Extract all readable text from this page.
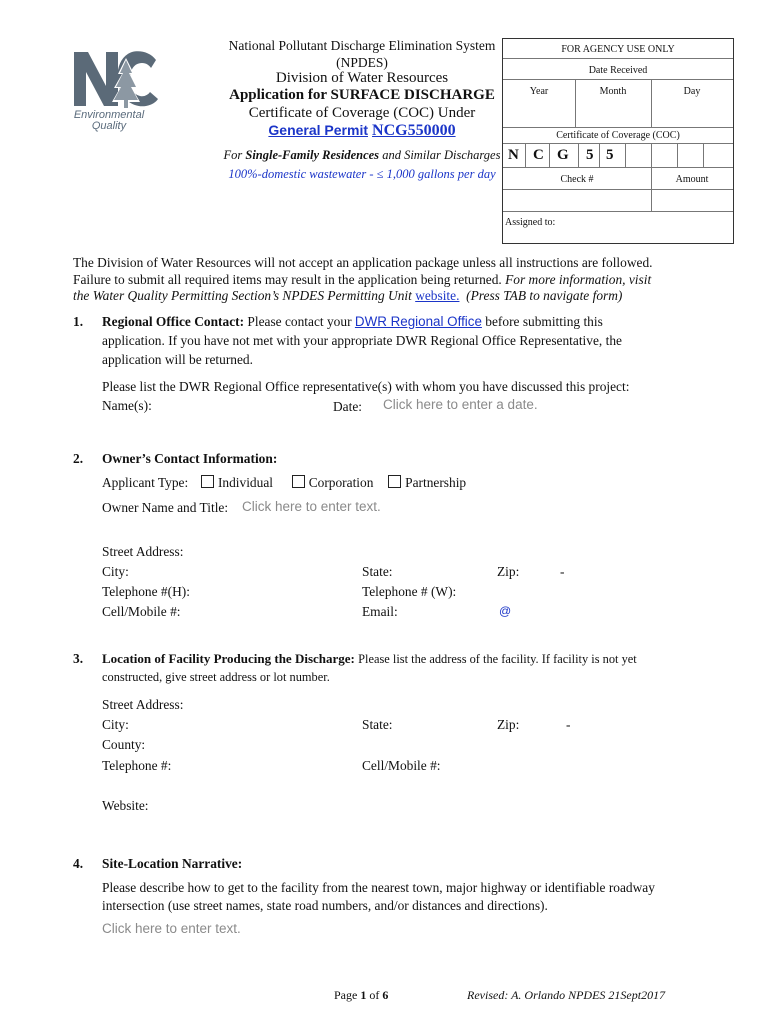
Environmental
Quality
National Pollutant Discharge Elimination System
(NPDES)
Division of Water Resources
Application for SURFACE DISCHARGE
Certificate of Coverage (COC) Under
General Permit NCG550000
For Single-Family Residences and Similar Discharges
100%-domestic wastewater - ≤ 1,000 gallons per day
FOR AGENCY USE ONLY
Date Received
Year	Month	Day
Certificate of Coverage (COC)
N C G 5 5
Check #	Amount
Assigned to:
The Division of Water Resources will not accept an application package unless all instructions are followed.
Failure to submit all required items may result in the application being returned. For more information, visit
the Water Quality Permitting Section’s NPDES Permitting Unit website. (Press TAB to navigate form)
1. Regional Office Contact: Please contact your DWR Regional Office before submitting this
application. If you have not met with your appropriate DWR Regional Office Representative, the
application will be returned.
Please list the DWR Regional Office representative(s) with whom you have discussed this project:
Name(s):	Date: Click here to enter a date.
2. Owner’s Contact Information:
Applicant Type: Individual	Corporation Partnership
Owner Name and Title: Click here to enter text.
Street Address:
City:	State:	Zip:	-
Telephone #(H):	Telephone # (W):
Cell/Mobile #:	Email:	@
3. Location of Facility Producing the Discharge: Please list the address of the facility. If facility is not yet
constructed, give street address or lot number.
Street Address:
City:	State:	Zip:	-
County:
Telephone #:	Cell/Mobile #:
Website:
4. Site-Location Narrative:
Please describe how to get to the facility from the nearest town, major highway or identifiable roadway
intersection (use street names, state road numbers, and/or distances and directions).
Click here to enter text.
Page 1 of 6	Revised: A. Orlando NPDES 21Sept2017
